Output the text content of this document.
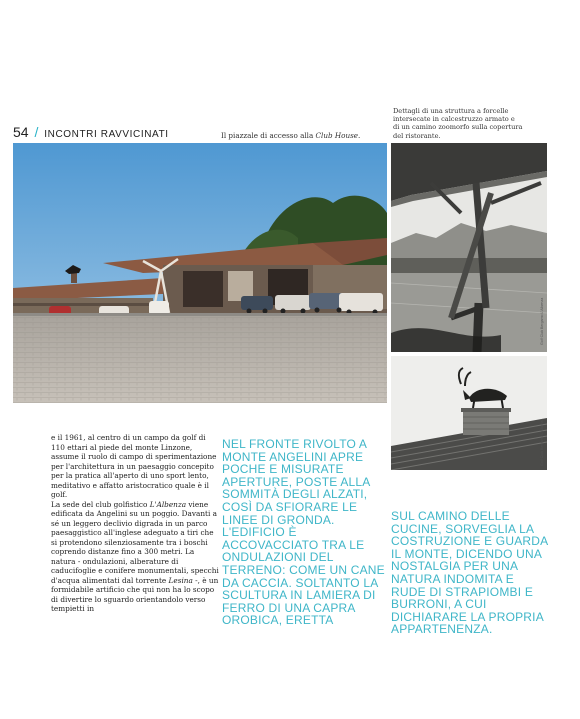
54 / INCONTRI RAVVICINATI	Il piazzale di accesso alla Club House.
Dettagli di una struttura a forcelle intersecate in calcestruzzo armato e di un camino zoomorfo sulla copertura del ristorante.
Golf Club Bergamo L'Albenza
Golf Club Bergamo L'Albenza

e il 1961, al centro di un campo da golf di 110 ettari al piede del monte Linzone, assume il ruolo di campo di sperimentazione per l'architettura in un paesaggio concepito per la pratica all'aperto di uno sport lento, meditativo e affatto aristocratico quale è il golf.

La sede del club golfistico L'Albenza viene edificata da Angelini su un poggio. Davanti a sé un leggero declivio digrada in un parco paesaggistico all'inglese adeguato a tiri che si protendono silenziosamente tra i boschi coprendo distanze fino a 300 metri. La natura - ondulazioni, alberature di caducifoglie e conifere monumentali, specchi d'acqua alimentati dal torrente Lesina -, è un formidabile artificio che qui non ha lo scopo di divertire lo sguardo orientandolo verso tempietti in

NEL FRONTE RIVOLTO A MONTE ANGELINI APRE POCHE E MISURATE APERTURE, POSTE ALLA SOMMITÀ DEGLI ALZATI, COSÌ DA SFIORARE LE LINEE DI GRONDA. L'EDIFICIO È ACCOVACCIATO TRA LE ONDULAZIONI DEL TERRENO: COME UN CANE DA CACCIA. SOLTANTO LA SCULTURA IN LAMIERA DI FERRO DI UNA CAPRA OROBICA, ERETTA
SUL CAMINO DELLE CUCINE, SORVEGLIA LA COSTRUZIONE E GUARDA IL MONTE, DICENDO UNA NOSTALGIA PER UNA NATURA INDOMITA E RUDE DI STRAPIOMBI E BURRONI, A CUI DICHIARARE LA PROPRIA APPARTENENZA.
